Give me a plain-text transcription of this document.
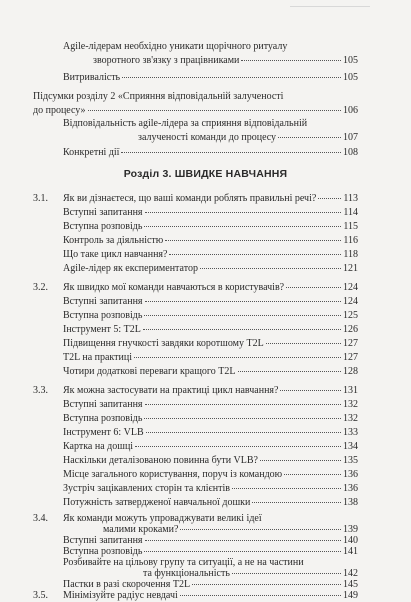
Agile-лідерам необхідно уникати щорічного ритуалу
зворотного зв'язку з працівниками	105
Витривалість	105
Підсумки розділу 2 «Сприяння відповідальній залученості
до процесу»	106
Відповідальність agile-лідера за сприяння відповідальній
залученості команди до процесу	107
Конкретні дії	108
Розділ 3. ШВИДКЕ НАВЧАННЯ
3.1. Як ви дізнаєтеся, що ваші команди роблять правильні речі?	113
Вступні запитання	114
Вступна розповідь	115
Контроль за діяльністю	116
Що таке цикл навчання?	118
Agile-лідер як експериментатор	121
3.2. Як швидко мої команди навчаються в користувачів?	124
Вступні запитання	124
Вступна розповідь	125
Інструмент 5: T2L	126
Підвищення гнучкості завдяки коротшому T2L	127
T2L на практиці	127
Чотири додаткові переваги кращого T2L	128
3.3. Як можна застосувати на практиці цикл навчання?	131
Вступні запитання	132
Вступна розповідь	132
Інструмент 6: VLB	133
Картка на дошці	134
Наскільки деталізованою повинна бути VLB?	135
Місце загального користування, поруч із командою	136
Зустріч зацікавлених сторін та клієнтів	136
Потужність затвердженої навчальної дошки	138
3.4. Як команди можуть упроваджувати великі ідеї
малими кроками?	139
Вступні запитання	140
Вступна розповідь	141
Розбивайте на цільову групу та ситуації, а не на частини
та функціональність	142
Пастки в разі скорочення T2L	145
3.5. Мінімізуйте радіус невдачі	149
